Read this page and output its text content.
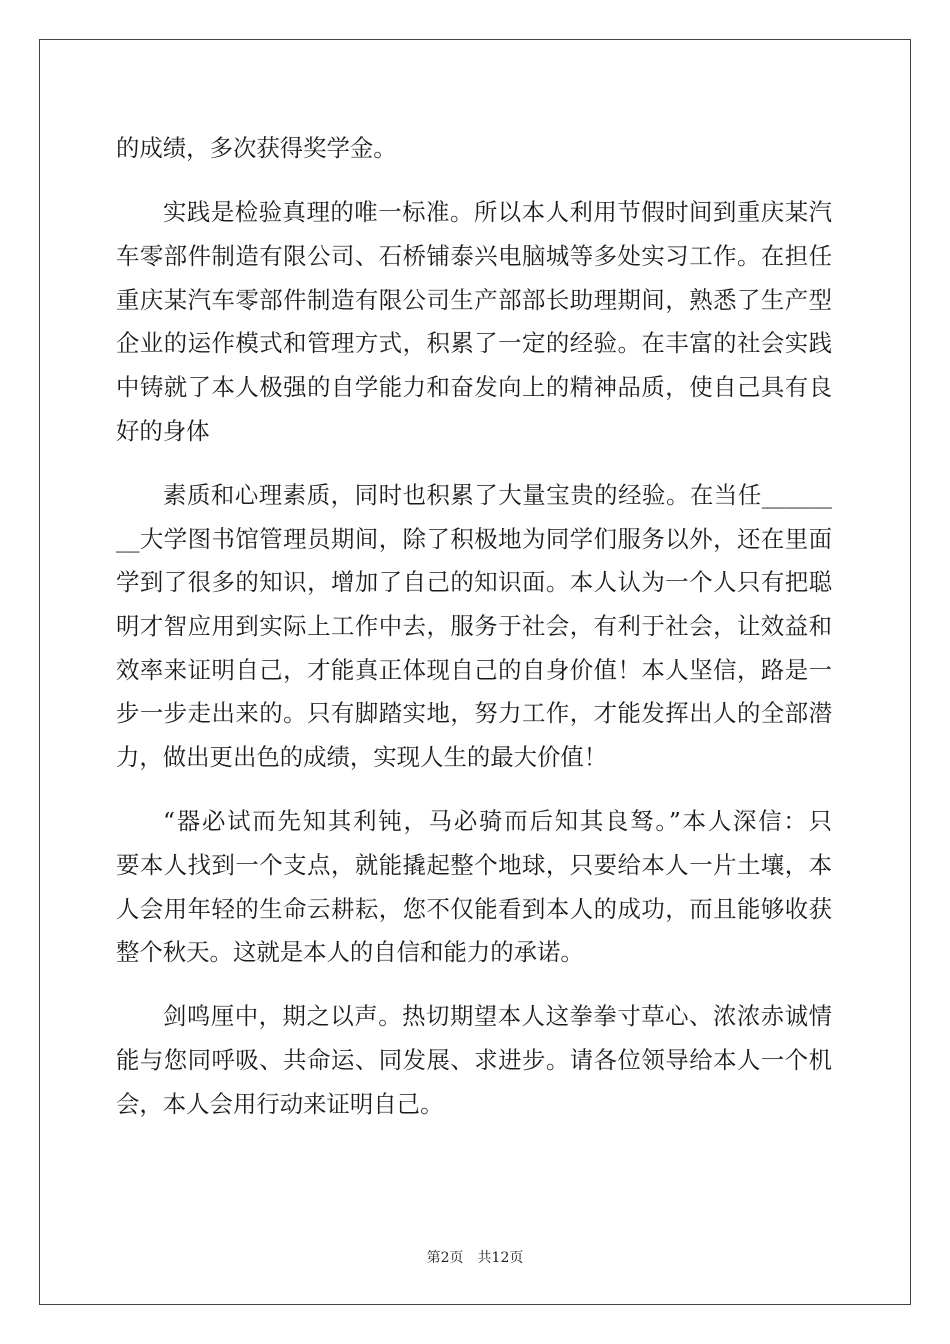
的成绩，多次获得奖学金。
实践是检验真理的唯一标准。所以本人利用节假时间到重庆某汽
车零部件制造有限公司、石桥铺泰兴电脑城等多处实习工作。在担任
重庆某汽车零部件制造有限公司生产部部长助理期间，熟悉了生产型
企业的运作模式和管理方式，积累了一定的经验。在丰富的社会实践
中铸就了本人极强的自学能力和奋发向上的精神品质，使自己具有良
好的身体
素质和心理素质，同时也积累了大量宝贵的经验。在当任______
__大学图书馆管理员期间，除了积极地为同学们服务以外，还在里面
学到了很多的知识，增加了自己的知识面。本人认为一个人只有把聪
明才智应用到实际上工作中去，服务于社会，有利于社会，让效益和
效率来证明自己，才能真正体现自己的自身价值！本人坚信，路是一
步一步走出来的。只有脚踏实地，努力工作，才能发挥出人的全部潜
力，做出更出色的成绩，实现人生的最大价值！
“器必试而先知其利钝，马必骑而后知其良驽。”本人深信：只
要本人找到一个支点，就能撬起整个地球，只要给本人一片土壤，本
人会用年轻的生命云耕耘，您不仅能看到本人的成功，而且能够收获
整个秋天。这就是本人的自信和能力的承诺。
剑鸣厘中，期之以声。热切期望本人这拳拳寸草心、浓浓赤诚情
能与您同呼吸、共命运、同发展、求进步。请各位领导给本人一个机
会，本人会用行动来证明自己。
第2页 共12页
